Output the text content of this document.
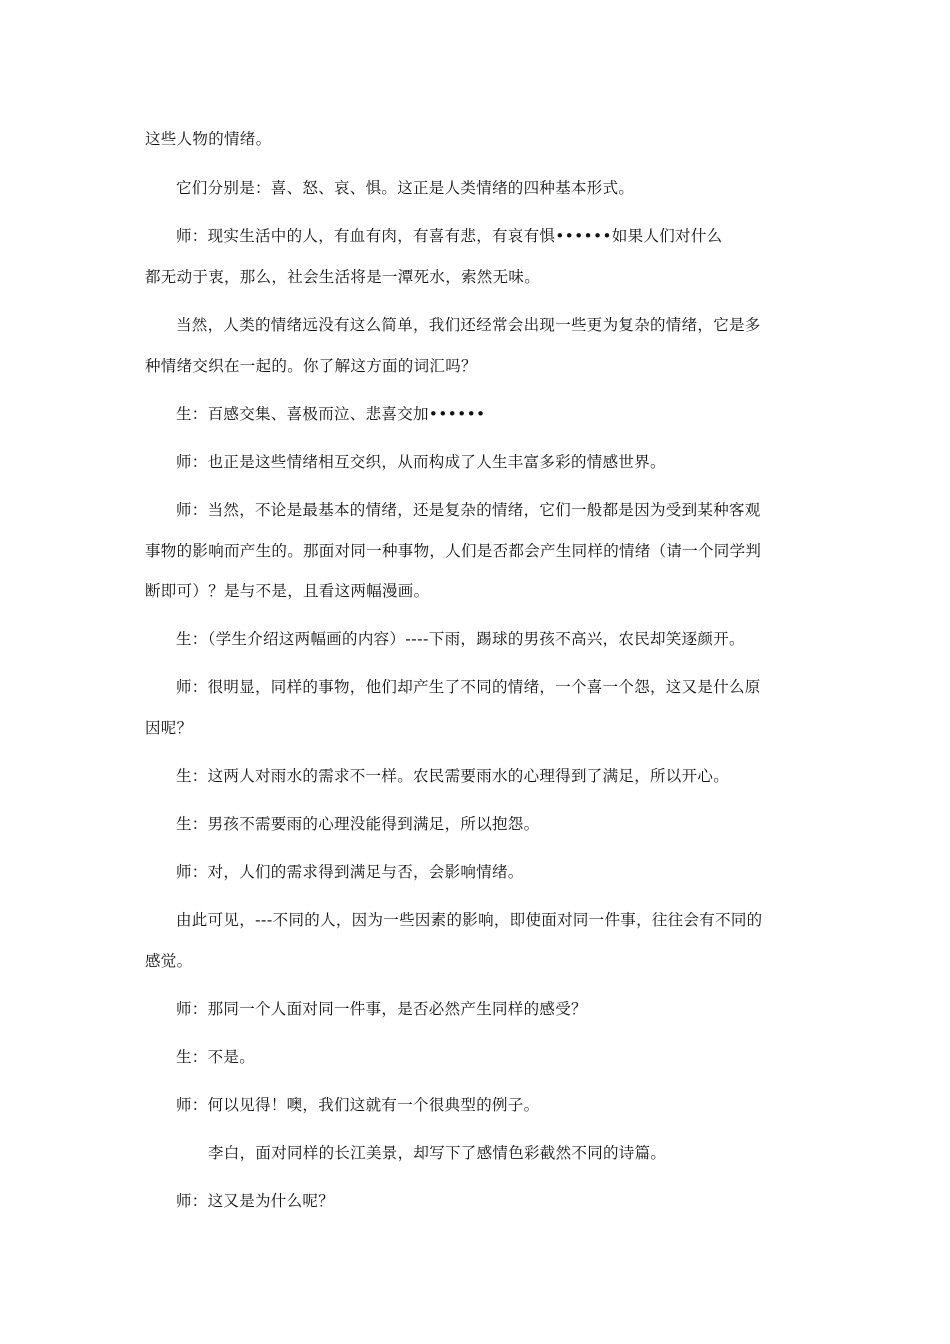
这些人物的情绪。
它们分别是：喜、怒、哀、惧。这正是人类情绪的四种基本形式。
师：现实生活中的人，有血有肉，有喜有悲，有哀有惧••••••如果人们对什么
都无动于衷，那么，社会生活将是一潭死水，索然无味。
当然，人类的情绪远没有这么简单，我们还经常会出现一些更为复杂的情绪，它是多
种情绪交织在一起的。你了解这方面的词汇吗？
生：百感交集、喜极而泣、悲喜交加••••••
师：也正是这些情绪相互交织，从而构成了人生丰富多彩的情感世界。
师：当然，不论是最基本的情绪，还是复杂的情绪，它们一般都是因为受到某种客观
事物的影响而产生的。那面对同一种事物，人们是否都会产生同样的情绪（请一个同学判
断即可）？是与不是，且看这两幅漫画。
生：（学生介绍这两幅画的内容）----下雨，踢球的男孩不高兴，农民却笑逐颜开。
师：很明显，同样的事物，他们却产生了不同的情绪，一个喜一个怨，这又是什么原
因呢？
生：这两人对雨水的需求不一样。农民需要雨水的心理得到了满足，所以开心。
生：男孩不需要雨的心理没能得到满足，所以抱怨。
师：对，人们的需求得到满足与否，会影响情绪。
由此可见，---不同的人，因为一些因素的影响，即使面对同一件事，往往会有不同的
感觉。
师：那同一个人面对同一件事，是否必然产生同样的感受？
生：不是。
师：何以见得！噢，我们这就有一个很典型的例子。
李白，面对同样的长江美景，却写下了感情色彩截然不同的诗篇。
师：这又是为什么呢？
